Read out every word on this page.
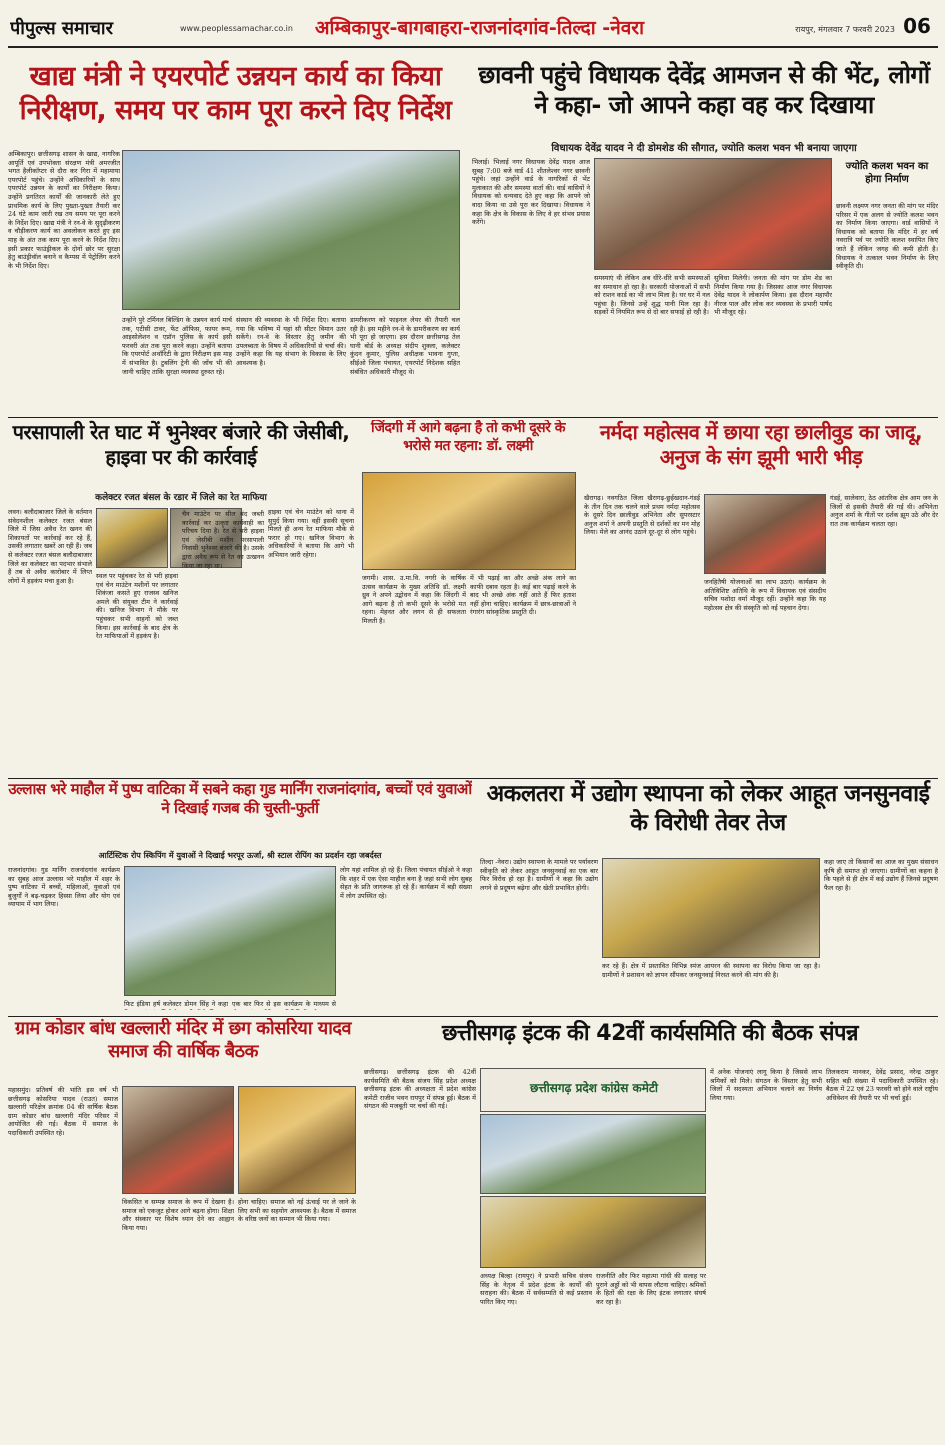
पीपुल्स समाचार	www.peoplessamachar.co.in	अम्बिकापुर-बागबाहरा-राजनांदगांव-तिल्दा -नेवरा	रायपुर, मंगलवार 7 फरवरी 2023 06
खाद्य मंत्री ने एयरपोर्ट उन्नयन कार्य का किया निरीक्षण, समय पर काम पूरा करने दिए निर्देश
अम्बिकापुर। छत्तीसगढ़ शासन के खाद्य, नागरिक आपूर्ति एवं उपभोक्ता संरक्षण मंत्री अमरजीत भगत हैलीकॉप्टर से दौरा कर गिरा में महामाया एयरपोर्ट पहुंचे। उन्होंने अधिकारियों के साथ एयरपोर्ट उन्नयन के कार्यों का निरीक्षण किया। उन्होंने प्रगतिरत कार्यों की जानकारी लेते हुए प्राथमिक कार्य के लिए पुख्ता-पुख्ता तैयारी कर 24 घंटे काम जारी रख तय समय पर पूरा करने के निर्देश दिए। खाद्य मंत्री ने रन-वे के सुदृढ़ीकरण व चौड़ीकरण कार्य का अवलोकन करते हुए इस माह के अंत तक काम पूरा करने के निर्देश दिए। इसी प्रकार फाउंड्रीकल के दोनों छोर पर सुरक्षा हेतु बाउंड्रीवॉल बनाने व कैम्पस में पेट्रोलिंग करने के भी निर्देश दिए।
उन्होंने पुरे टर्मिनल बिल्डिंग के उन्नयन कार्य मार्च तक, एटीसी टावर, फेंट ऑफिस, फायर रूम, आइसोलेशन व एप्रॉन पुलिस के कार्य इसी फरवरी अंत तक पूरा करने कहा। उन्होंने बताया कि एयरपोर्ट अथॉरिटी के द्वारा निरीक्षण इस माह में संभावित है। टुबलिंग ट्रेनी की जाँच भी की जानी चाहिए ताकि सुरक्षा व्यवस्था दुरुस्त रहे।
संस्थान की व्यवस्था के भी निर्देश दिए। बताया गया कि भविष्य में यहां सौ सीटर विमान उतर सकेंगे। रन-वे के विस्तार हेतु जमीन की उपलब्धता के विषय में अधिकारियों से चर्चा की। उन्होंने कहा कि यह संभाग के विकास के लिए आवश्यक है।
डामरीकरण को फाइनल लेयर की तैयारी चल रही है। इस महीने रन-वे के डामरीकरण का कार्य भी पूरा हो जाएगा। इस दौरान छत्तीसगढ़ तेल घानी बोर्ड के अध्यक्ष संदीप शुक्ला, कलेक्टर कुंदन कुमार, पुलिस अधीक्षक भावना गुप्ता, सीईओ जिला पंचायत, एयरपोर्ट निदेशक सहित संबंधित अधिकारी मौजूद थे।
छावनी पहुंचे विधायक देवेंद्र आमजन से की भेंट, लोगों ने कहा- जो आपने कहा वह कर दिखाया
विधायक देवेंद्र यादव ने दी डोमशेड की सौगात, ज्योति कलश भवन भी बनाया जाएगा
भिलाई। भिलाई नगर विधायक देवेंद्र यादव आज सुबह 7:00 बजे वार्ड 41 शीतलेश्वर नगर छावनी पहुंचे। जहां उन्होंने वार्ड के नागरिकों से भेंट मुलाकात की और समस्या वार्ता की। वार्ड वासियों ने विधायक को धन्यवाद देते हुए कहा कि आपने जो वादा किया था उसे पूरा कर दिखाया। विधायक ने कहा कि क्षेत्र के विकास के लिए वे हर संभव प्रयास करेंगे।
समस्याएं थी लेकिन अब धीरे-धीरे सभी समस्याओं का समाधान हो रहा है। सरकारी योजनाओं में सभी को राशन कार्ड का भी लाभ मिला है। घर घर में नल पहुंचा है। जिनसे उन्हें शुद्ध पानी मिल रहा है। सड़कों में नियमित रूप से दो बार सफाई हो रही है।
सुविधा मिलेगी। जनता की मांग पर डोम शेड का निर्माण किया गया है। जिसका आज नगर विधायक देवेंद्र यादव ने लोकार्पण किया। इस दौरान महापौर नीरज पाल और लोक कर व्यवस्था के प्रभारी पार्षद भी मौजूद रहे।
ज्योति कलश भवन का होगा निर्माण
छावनी लक्ष्मण नगर जनता की मांग पर मंदिर परिसर में एक अलग से ज्योति कलश भवन का निर्माण किया जाएगा। वार्ड वासियों ने विधायक को बताया कि मंदिर में हर वर्ष नवरात्रि पर्व पर ज्योति कलश स्थापित किए जाते हैं लेकिन जगह की कमी होती है। विधायक ने तत्काल भवन निर्माण के लिए स्वीकृति दी।
परसापाली रेत घाट में भुनेश्वर बंजारे की जेसीबी, हाइवा पर की कार्रवाई
कलेक्टर रजत बंसल के रडार में जिले का रेत माफिया
लवन। बलौदाबाजार जिले के वर्तमान संवेदनशील कलेक्टर रजत बंसल जिले में जिस अवैध रेत खनन की शिकायतों पर कार्रवाई कर रहे हैं, उसकी लगातार खबरें आ रही हैं। जब से कलेक्टर रजत बंसल बलौदाबाजार जिले का कलेक्टर का पदभार संभाले हैं तब से अवैध कारोबार में लिप्त लोगों में हड़कंप मचा हुआ है।
स्थल पर पहुंचकर रेत से भरी हाइवा एवं चेन माउंटेन मशीनों पर लगातार शिकंजा कसते हुए राजस्व खनिज अमले की संयुक्त टीम ने कार्रवाई की। खनिज विभाग ने मौके पर पहुंचकर सभी वाहनों को जब्त किया। इस कार्रवाई के बाद क्षेत्र के रेत माफियाओं में हड़कंप है।
चैन माउंटेन पर सील बंद जब्ती कार्रवाई कर उत्कृष्ट कार्यवाही का परिचय दिया है। रेत से भरी हाइवा एवं जेसीबी मशीन परसापाली निवासी भुनेश्वर बंजारे की है। उसके द्वारा अवैध रूप से रेत का उत्खनन किया जा रहा था।
हाइवा एवं चेन माउंटेन को थाना में सुपुर्द किया गया। वहीं इसकी सूचना मिलते ही अन्य रेत माफिया मौके से फरार हो गए। खनिज विभाग के अधिकारियों ने बताया कि आगे भी अभियान जारी रहेगा।
जिंदगी में आगे बढ़ना है तो कभी दूसरे के भरोसे मत रहना: डॉ. लक्ष्मी
जगमी। शास. उ.मा.वि. नगरी के वार्षिक उत्सव कार्यक्रम के मुख्य अतिथि डॉ. लक्ष्मी ध्रुव ने अपने उद्बोधन में कहा कि जिंदगी में आगे बढ़ना है तो कभी दूसरे के भरोसे मत रहना। मेहनत और लगन से ही सफलता मिलती है।
में भी पढ़ाई का और अच्छे अंक लाने का काफी दबाव रहता है। कई बार पढ़ाई करने के बाद भी अच्छे अंक नहीं आते हैं फिर हताश नहीं होना चाहिए। कार्यक्रम में छात्र-छात्राओं ने रंगारंग सांस्कृतिक प्रस्तुति दी।
नर्मदा महोत्सव में छाया रहा छालीवुड का जादू, अनुज के संग झूमी भारी भीड़
खैरागढ़। नवगठित जिला खैरागढ़-छुईखदान-गंडई के तीन दिन तक चलने वाले प्रथम नर्मदा महोत्सव के दूसरे दिन छालीवुड अभिनेता और सुपरस्टार अनुज शर्मा ने अपनी प्रस्तुति से दर्शकों का मन मोह लिया। मेले का आनंद उठाने दूर-दूर से लोग पहुंचे।
जनहितैषी योजनाओं का लाभ उठाएं। कार्यक्रम के अतिविशिष्ट अतिथि के रूप में विधायक एवं संसदीय सचिव यशोदा वर्मा मौजूद रहीं। उन्होंने कहा कि यह महोत्सव क्षेत्र की संस्कृति को नई पहचान देगा।
गंडई, सालेवारा, ठेठ आंतरिक क्षेत्र आम जन के जिलों से इसकी तैयारी की गई थी। अभिनेता अनुज शर्मा के गीतों पर दर्शक झूम उठे और देर रात तक कार्यक्रम चलता रहा।
उल्लास भरे माहौल में पुष्प वाटिका में सबने कहा गुड मार्निंग राजनांदगांव, बच्चों एवं युवाओं ने दिखाई गजब की चुस्ती-फुर्ती
आर्टिस्टिक रोप स्किपिंग में युवाओं ने दिखाई भरपूर ऊर्जा, श्री स्टाल रोपिंग का प्रदर्शन रहा जबर्दस्त
राजनांदगांव। गुड मार्निंग राजनांदगांव कार्यक्रम का सुबह आज उल्लास भरे माहौल में शहर के पुष्प वाटिका में बच्चों, महिलाओं, युवाओं एवं बुजुर्गों ने बढ़-चढ़कर हिस्सा लिया और योग एवं व्यायाम में भाग लिया।
फिट इंडिया हर्ष कलेक्टर डोमन सिंह ने कहा एक बार फिर से इस कार्यक्रम के माध्यम से
लोग यहां शामिल हो रहे हैं। जिला पंचायत सीईओ ने कहा कि शहर में एक ऐसा माहौल बना है जहां सभी लोग सुबह सेहत के प्रति जागरूक हो रहे हैं। कार्यक्रम में बड़ी संख्या में लोग उपस्थित रहे।
अकलतरा में उद्योग स्थापना को लेकर आहूत जनसुनवाई के विरोधी तेवर तेज
तिल्दा -नेवरा। उद्योग स्थापना के मामले पर पर्यावरण स्वीकृति को लेकर आहूत जनसुनवाई का एक बार फिर विरोध हो रहा है। ग्रामीणों ने कहा कि उद्योग लगने से प्रदूषण बढ़ेगा और खेती प्रभावित होगी।
कर रहे हैं। क्षेत्र में प्रस्तावित विभिन्न स्पंज आयरन की स्थापना का विरोध किया जा रहा है। ग्रामीणों ने प्रशासन को ज्ञापन सौंपकर जनसुनवाई निरस्त करने की मांग की है।
कहा जाए तो किसानों का आज का मुख्य संसाधन कृषि ही समाप्त हो जाएगा। ग्रामीणों का कहना है कि पहले से ही क्षेत्र में कई उद्योग हैं जिनसे प्रदूषण फैल रहा है।
ग्राम कोडार बांध खल्लारी मंदिर में छग कोसरिया यादव समाज की वार्षिक बैठक
महासमुंद। प्रतिवर्ष की भांति इस वर्ष भी छत्तीसगढ़ कोसरिया यादव (राउत) समाज खल्लारी परिक्षेत्र क्रमांक 04 की वार्षिक बैठक ग्राम कोडार बांध खल्लारी मंदिर परिसर में आयोजित की गई। बैठक में समाज के पदाधिकारी उपस्थित रहे।
विकसित व सम्पन्न समाज के रूप में देखना है। समाज को एकजुट होकर आगे बढ़ना होगा। शिक्षा और संस्कार पर विशेष ध्यान देने का आह्वान किया गया।
होना चाहिए। समाज को नई ऊंचाई पर ले जाने के लिए सभी का सहयोग आवश्यक है। बैठक में समाज के वरिष्ठ जनों का सम्मान भी किया गया।
छत्तीसगढ़ इंटक की 42वीं कार्यसमिति की बैठक संपन्न
छत्तीसगढ़। छत्तीसगढ़ इंटक की 42वीं कार्यसमिति की बैठक संजय सिंह प्रदेश अध्यक्ष छत्तीसगढ़ इंटक की अध्यक्षता में प्रदेश कांग्रेस कमेटी राजीव भवन रायपुर में संपन्न हुई। बैठक में संगठन की मजबूती पर चर्चा की गई।
छत्तीसगढ़ प्रदेश कांग्रेस कमेटी
अध्यक्ष बिल्हा (रायपुर) ने प्रभारी सचिव संजय सिंह के नेतृत्व में प्रदेश इंटक के कार्यों की सराहना की। बैठक में सर्वसम्मति से कई प्रस्ताव पारित किए गए।
राजनीति और फिर महात्मा गांधी की सलाह पर पुराने अड्डों को भी वापस लौटना चाहिए। श्रमिकों के हितों की रक्षा के लिए इंटक लगातार संघर्ष कर रहा है।
में अनेक योजनाएं लागू किया है जिससे लाभ श्रमिकों को मिले। संगठन के विस्तार हेतु सभी जिलों में सदस्यता अभियान चलाने का निर्णय लिया गया।
तिलकराम मानकर, देवेंद्र प्रसाद, नरेन्द्र ठाकुर सहित बड़ी संख्या में पदाधिकारी उपस्थित रहे। बैठक में 22 एवं 23 फरवरी को होने वाले राष्ट्रीय अधिवेशन की तैयारी पर भी चर्चा हुई।
